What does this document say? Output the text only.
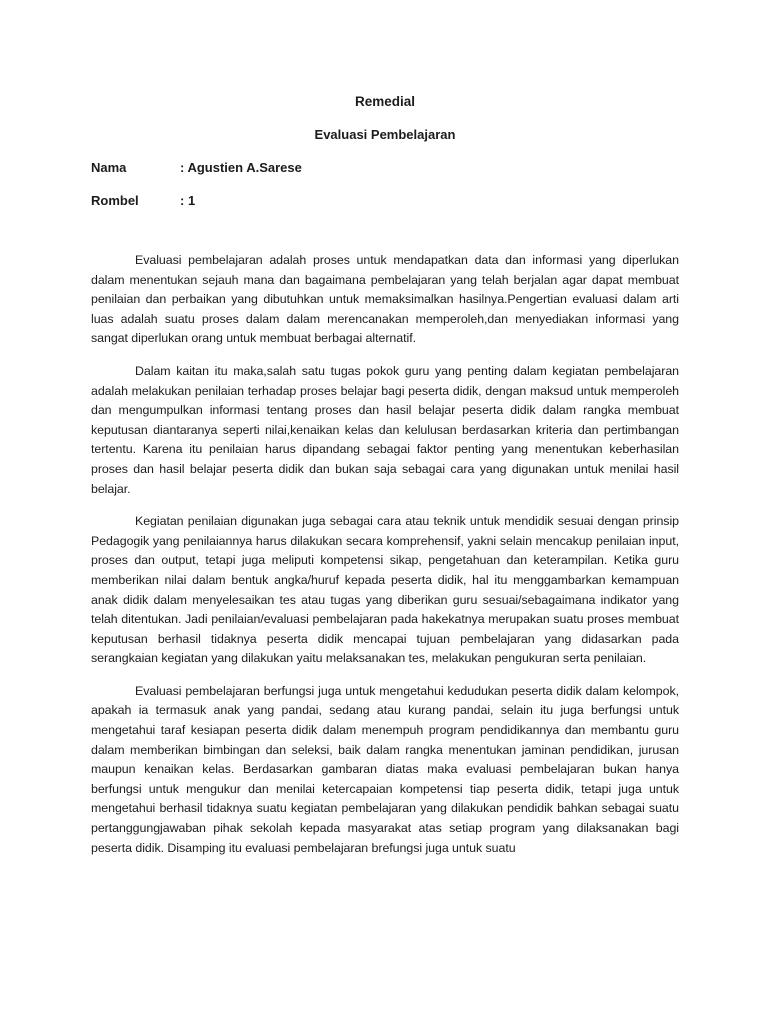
Remedial
Evaluasi Pembelajaran
Nama	: Agustien A.Sarese
Rombel	: 1

Evaluasi pembelajaran adalah proses untuk mendapatkan data dan informasi yang diperlukan dalam menentukan sejauh mana dan bagaimana pembelajaran yang telah berjalan agar dapat membuat penilaian dan perbaikan yang dibutuhkan untuk memaksimalkan hasilnya.Pengertian evaluasi dalam arti luas adalah suatu proses dalam dalam merencanakan memperoleh,dan menyediakan informasi yang sangat diperlukan orang untuk membuat berbagai alternatif.

Dalam kaitan itu maka,salah satu tugas pokok guru yang penting dalam kegiatan pembelajaran adalah melakukan penilaian terhadap proses belajar bagi peserta didik, dengan maksud untuk memperoleh dan mengumpulkan informasi tentang proses dan hasil belajar peserta didik dalam rangka membuat keputusan diantaranya seperti nilai,kenaikan kelas dan kelulusan berdasarkan kriteria dan pertimbangan tertentu. Karena itu penilaian harus dipandang sebagai faktor penting yang menentukan keberhasilan proses dan hasil belajar peserta didik dan bukan saja sebagai cara yang digunakan untuk menilai hasil belajar.

Kegiatan penilaian digunakan juga sebagai cara atau teknik untuk mendidik sesuai dengan prinsip Pedagogik yang penilaiannya harus dilakukan secara komprehensif, yakni selain mencakup penilaian input, proses dan output, tetapi juga meliputi kompetensi sikap, pengetahuan dan keterampilan. Ketika guru memberikan nilai dalam bentuk angka/huruf kepada peserta didik, hal itu menggambarkan kemampuan anak didik dalam menyelesaikan tes atau tugas yang diberikan guru sesuai/sebagaimana indikator yang telah ditentukan. Jadi penilaian/evaluasi pembelajaran pada hakekatnya merupakan suatu proses membuat keputusan berhasil tidaknya peserta didik mencapai tujuan pembelajaran yang didasarkan pada serangkaian kegiatan yang dilakukan yaitu melaksanakan tes, melakukan pengukuran serta penilaian.

Evaluasi pembelajaran berfungsi juga untuk mengetahui kedudukan peserta didik dalam kelompok, apakah ia termasuk anak yang pandai, sedang atau kurang pandai, selain itu juga berfungsi untuk mengetahui taraf kesiapan peserta didik dalam menempuh program pendidikannya dan membantu guru dalam memberikan bimbingan dan seleksi, baik dalam rangka menentukan jaminan pendidikan, jurusan maupun kenaikan kelas. Berdasarkan gambaran diatas maka evaluasi pembelajaran bukan hanya berfungsi untuk mengukur dan menilai ketercapaian kompetensi tiap peserta didik, tetapi juga untuk mengetahui berhasil tidaknya suatu kegiatan pembelajaran yang dilakukan pendidik bahkan sebagai suatu pertanggungjawaban pihak sekolah kepada masyarakat atas setiap program yang dilaksanakan bagi peserta didik. Disamping itu evaluasi pembelajaran brefungsi juga untuk suatu
